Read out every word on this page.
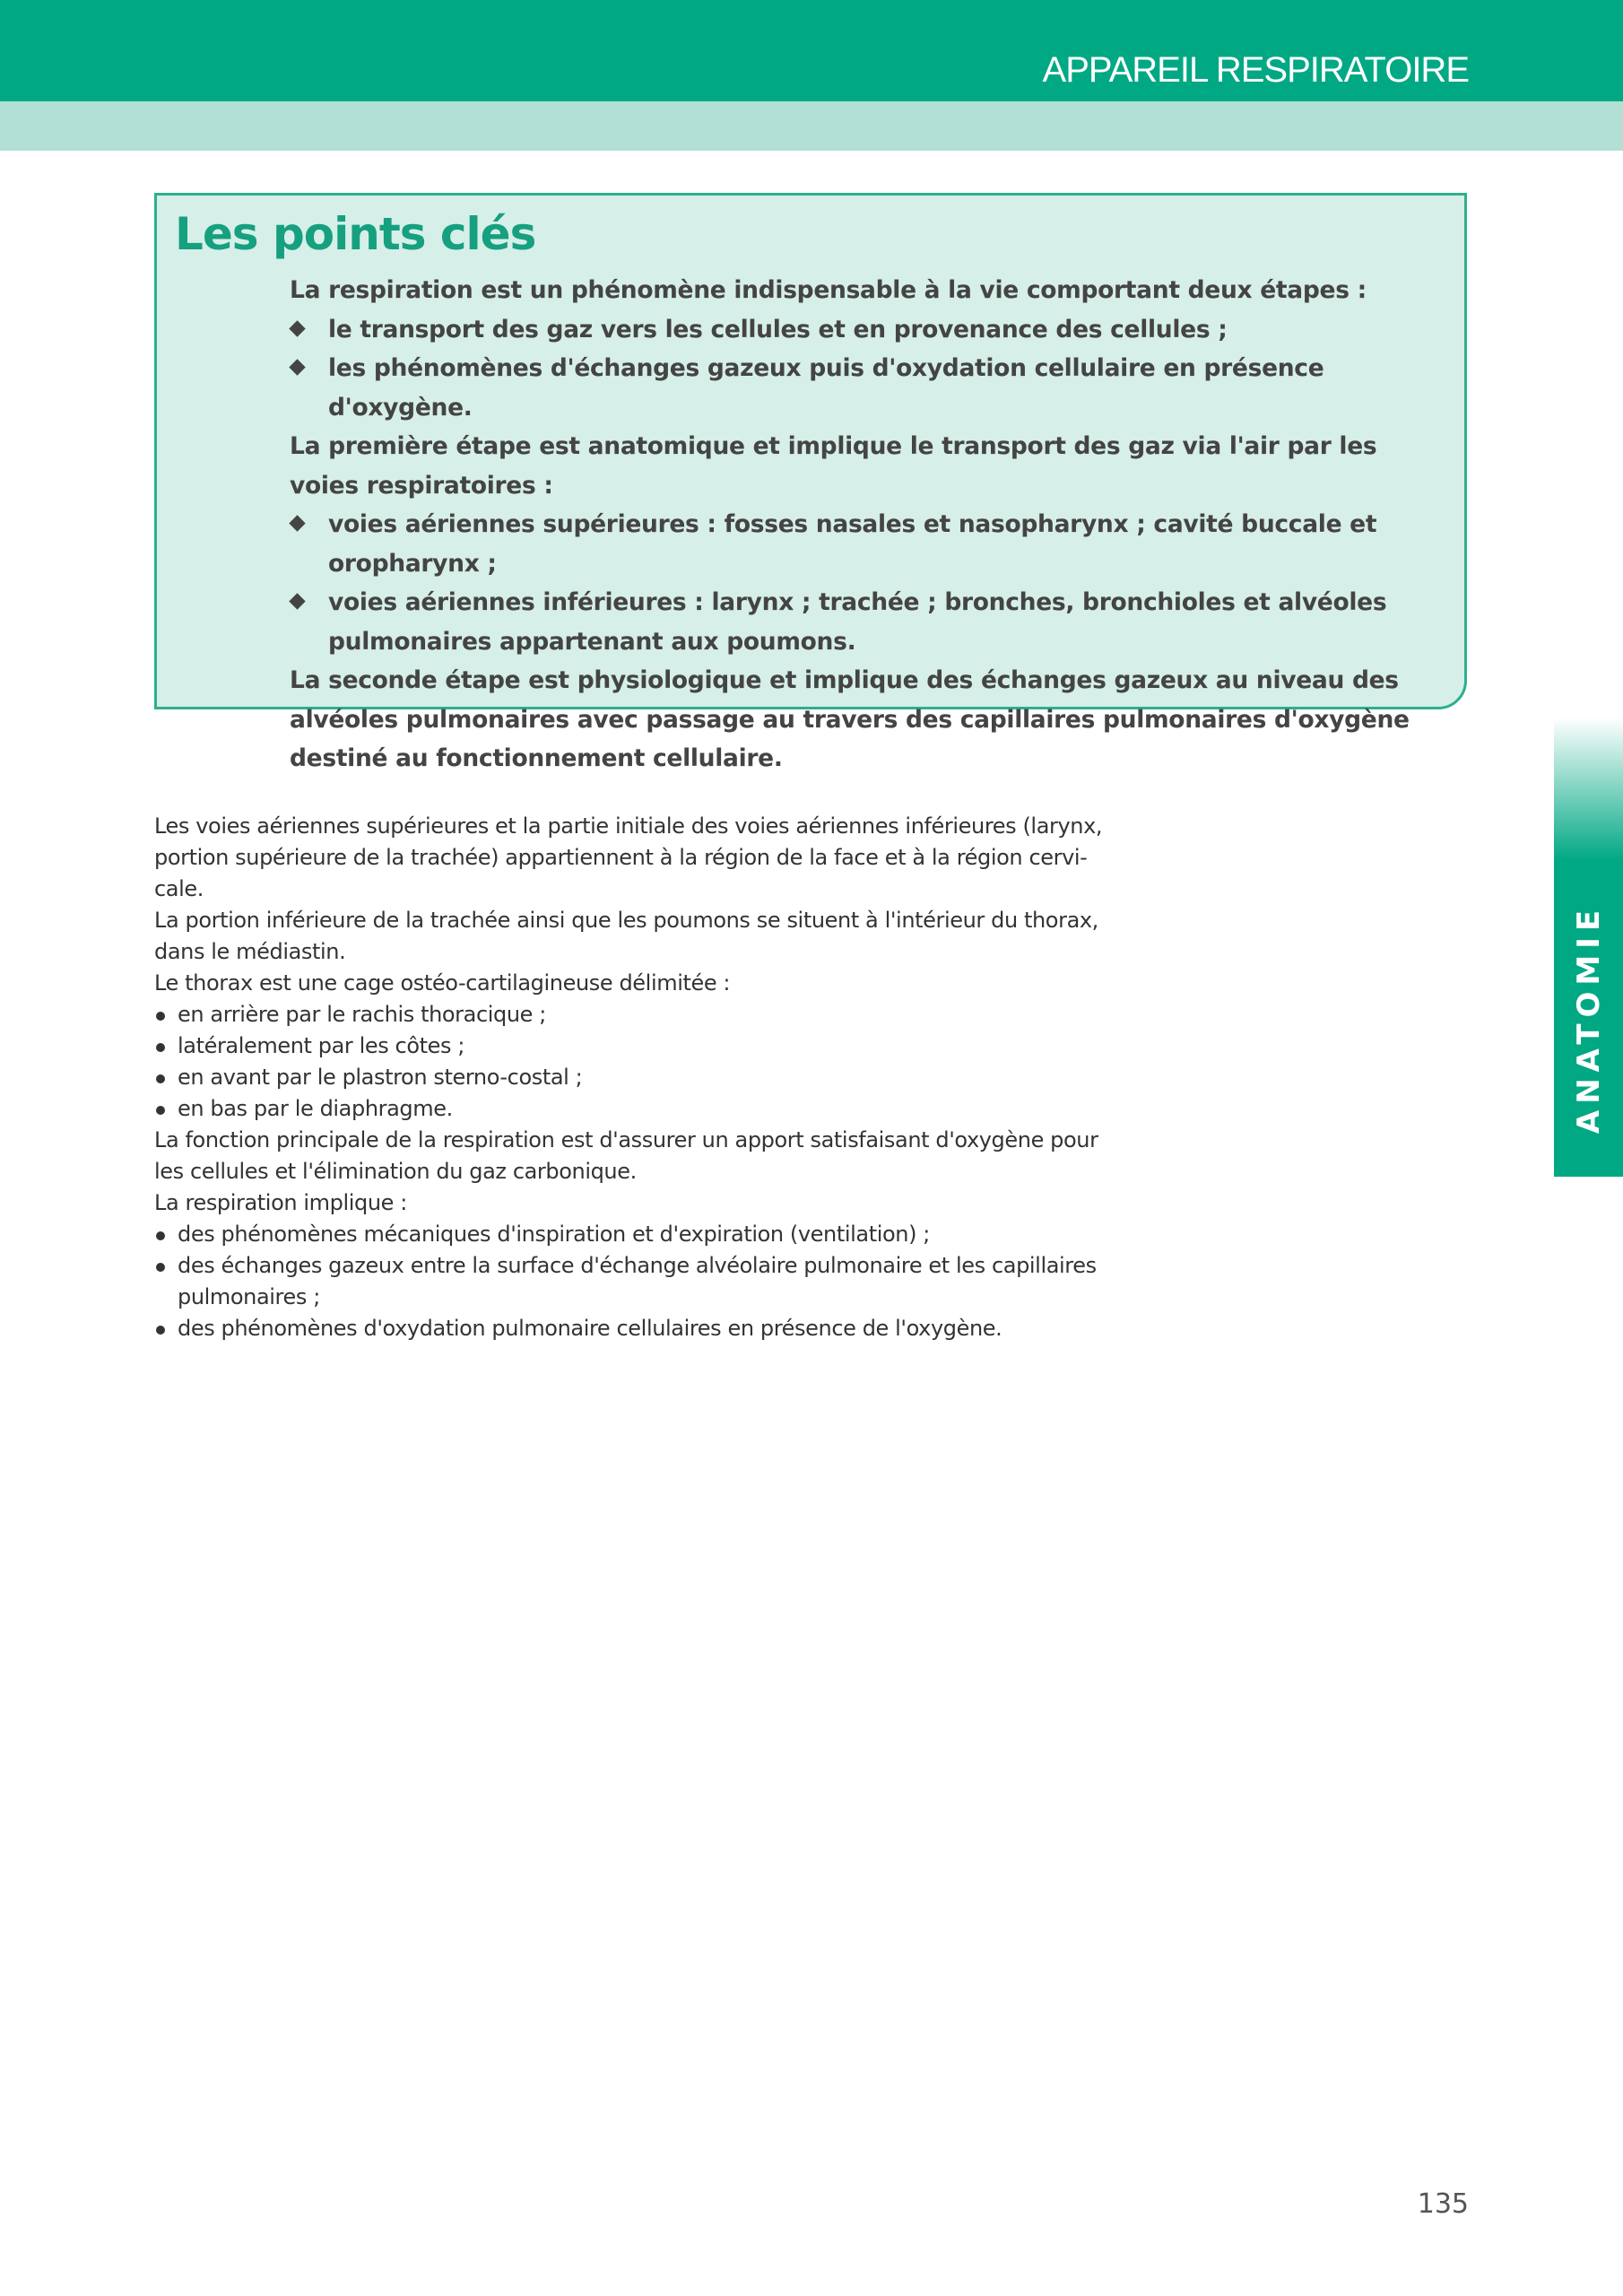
APPAREIL RESPIRATOIRE
Les points clés

La respiration est un phénomène indispensable à la vie comportant deux étapes :

le transport des gaz vers les cellules et en provenance des cellules ;
les phénomènes d'échanges gazeux puis d'oxydation cellulaire en présence d'oxygène.

La première étape est anatomique et implique le transport des gaz via l'air par les voies respiratoires :

voies aériennes supérieures : fosses nasales et nasopharynx ; cavité buccale et oropharynx ;
voies aériennes inférieures : larynx ; trachée ; bronches, bronchioles et alvéoles pulmonaires appartenant aux poumons.

La seconde étape est physiologique et implique des échanges gazeux au niveau des alvéoles pulmonaires avec passage au travers des capillaires pulmonaires d'oxygène destiné au fonctionnement cellulaire.

Les voies aériennes supérieures et la partie initiale des voies aériennes inférieures (larynx, portion supérieure de la trachée) appartiennent à la région de la face et à la région cervi-cale.

La portion inférieure de la trachée ainsi que les poumons se situent à l'intérieur du thorax, dans le médiastin.

Le thorax est une cage ostéo-cartilagineuse délimitée :

en arrière par le rachis thoracique ;
latéralement par les côtes ;
en avant par le plastron sterno-costal ;
en bas par le diaphragme.

La fonction principale de la respiration est d'assurer un apport satisfaisant d'oxygène pour les cellules et l'élimination du gaz carbonique.

La respiration implique :

des phénomènes mécaniques d'inspiration et d'expiration (ventilation) ;
des échanges gazeux entre la surface d'échange alvéolaire pulmonaire et les capillaires pulmonaires ;
des phénomènes d'oxydation pulmonaire cellulaires en présence de l'oxygène.
ANATOMIE
135
